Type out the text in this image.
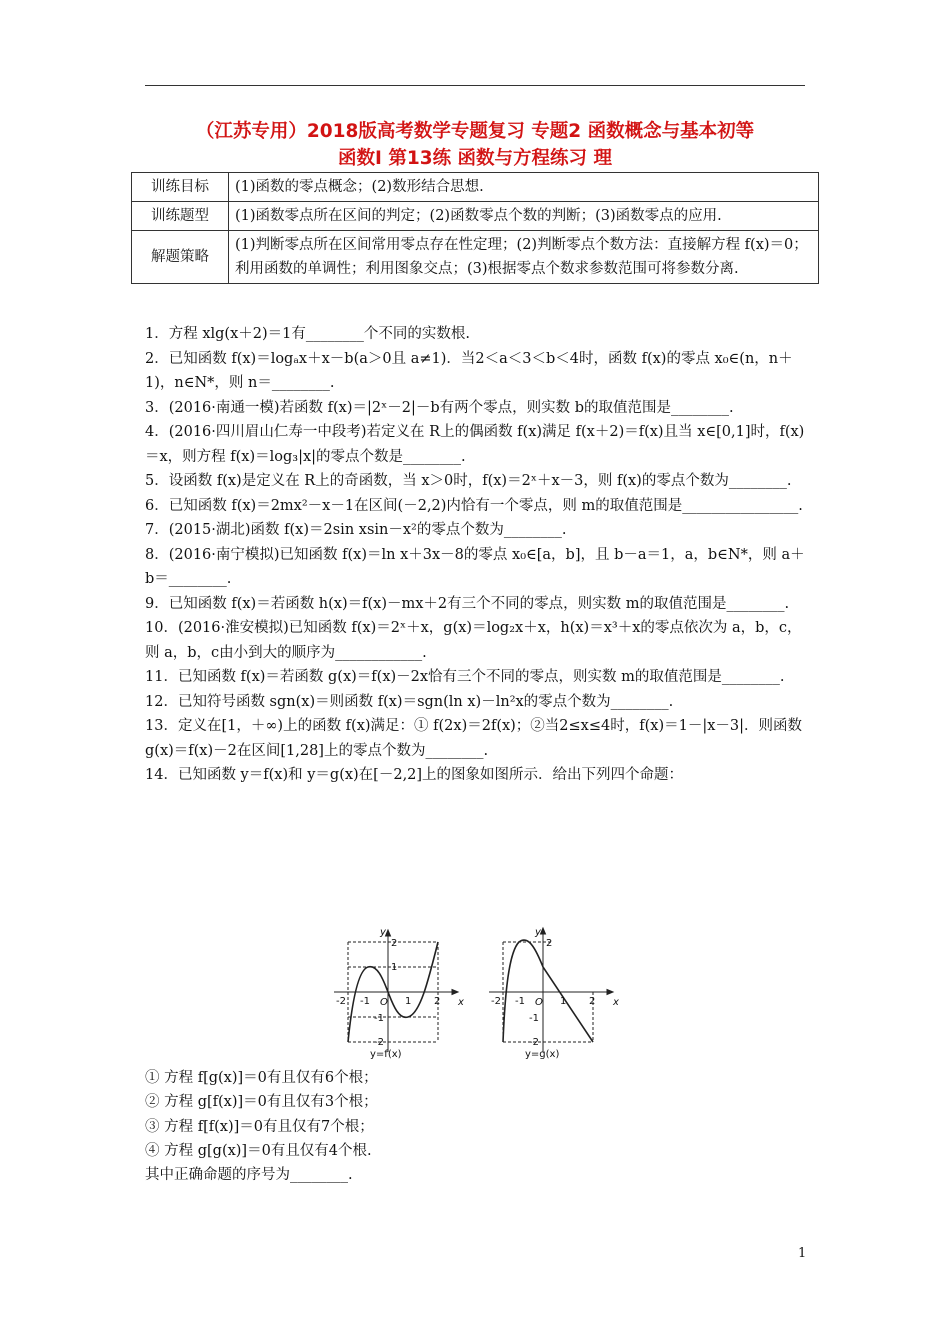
（江苏专用）2018版高考数学专题复习 专题2 函数概念与基本初等
函数Ⅰ 第13练 函数与方程练习 理
训练目标	(1)函数的零点概念；(2)数形结合思想.
训练题型	(1)函数零点所在区间的判定；(2)函数零点个数的判断；(3)函数零点的应用.
解题策略	(1)判断零点所在区间常用零点存在性定理；(2)判断零点个数方法：直接解方程 f(x)＝0；利用函数的单调性；利用图象交点；(3)根据零点个数求参数范围可将参数分离.

1．方程 xlg(x＋2)＝1有________个不同的实数根.

2．已知函数 f(x)＝logₐx＋x－b(a＞0且 a≠1)．当2＜a＜3＜b＜4时，函数 f(x)的零点 x₀∈(n，n＋1)，n∈N*，则 n＝________.

3．(2016·南通一模)若函数 f(x)＝|2ˣ－2|－b有两个零点，则实数 b的取值范围是________.

4．(2016·四川眉山仁寿一中段考)若定义在 R上的偶函数 f(x)满足 f(x＋2)＝f(x)且当 x∈[0,1]时，f(x)＝x，则方程 f(x)＝log₃|x|的零点个数是________.

5．设函数 f(x)是定义在 R上的奇函数，当 x＞0时，f(x)＝2ˣ＋x－3，则 f(x)的零点个数为________.

6．已知函数 f(x)＝2mx²－x－1在区间(－2,2)内恰有一个零点，则 m的取值范围是________________.

7．(2015·湖北)函数 f(x)＝2sin xsin－x²的零点个数为________.

8．(2016·南宁模拟)已知函数 f(x)＝ln x＋3x－8的零点 x₀∈[a，b]，且 b－a＝1，a，b∈N*，则 a＋b＝________.

9．已知函数 f(x)＝若函数 h(x)＝f(x)－mx＋2有三个不同的零点，则实数 m的取值范围是________.

10．(2016·淮安模拟)已知函数 f(x)＝2ˣ＋x，g(x)＝log₂x＋x，h(x)＝x³＋x的零点依次为 a，b，c，则 a，b，c由小到大的顺序为____________.

11．已知函数 f(x)＝若函数 g(x)＝f(x)－2x恰有三个不同的零点，则实数 m的取值范围是________.

12．已知符号函数 sgn(x)＝则函数 f(x)＝sgn(ln x)－ln²x的零点个数为________.

13．定义在[1，＋∞)上的函数 f(x)满足：① f(2x)＝2f(x)；②当2≤x≤4时，f(x)＝1－|x－3|．则函数 g(x)＝f(x)－2在区间[1,28]上的零点个数为________.

14．已知函数 y＝f(x)和 y＝g(x)在[－2,2]上的图象如图所示．给出下列四个命题：

y
x
O
-2 -1	1 2
2
1
-1
-2
y=f(x)
y
x
O
-2 -1	1 2
2
-1
-2
y=g(x)

① 方程 f[g(x)]＝0有且仅有6个根；

② 方程 g[f(x)]＝0有且仅有3个根；

③ 方程 f[f(x)]＝0有且仅有7个根；

④ 方程 g[g(x)]＝0有且仅有4个根.

其中正确命题的序号为________.

1
